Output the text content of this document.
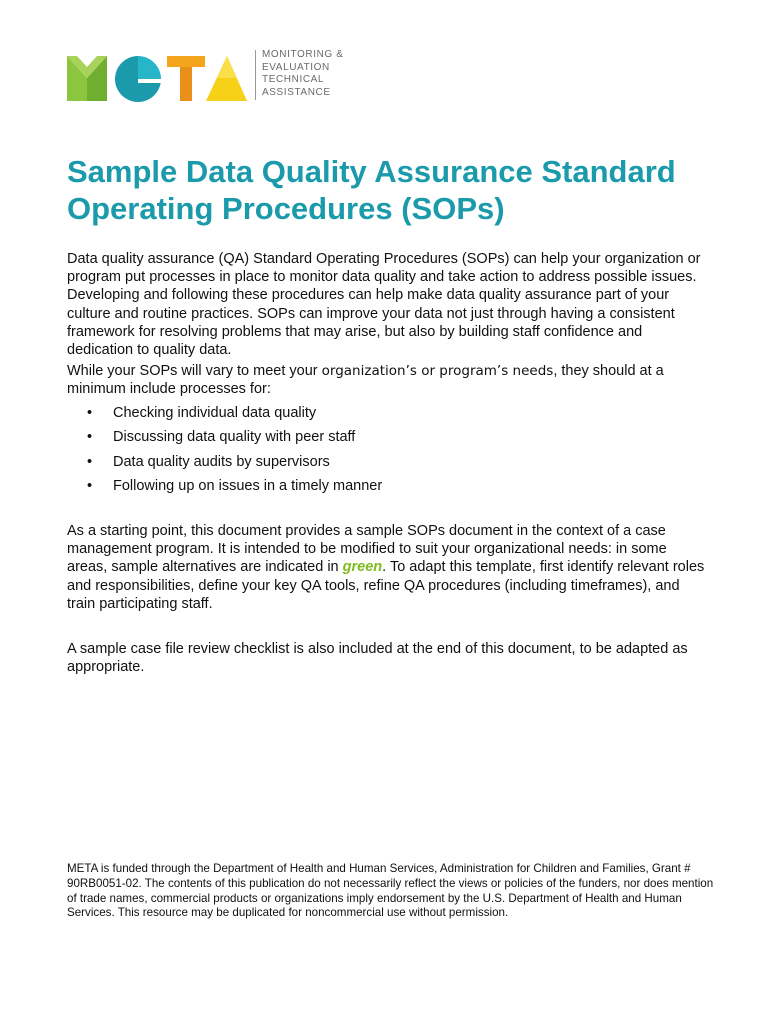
MONITORING &
EVALUATION
TECHNICAL
ASSISTANCE
Sample Data Quality Assurance Standard Operating Procedures (SOPs)
Data quality assurance (QA) Standard Operating Procedures (SOPs) can help your organization or program put processes in place to monitor data quality and take action to address possible issues. Developing and following these procedures can help make data quality assurance part of your culture and routine practices. SOPs can improve your data not just through having a consistent framework for resolving problems that may arise, but also by building staff confidence and dedication to quality data.
While your SOPs will vary to meet your organization’s or program’s needs, they should at a minimum include processes for:
• Checking individual data quality
• Discussing data quality with peer staff
• Data quality audits by supervisors
• Following up on issues in a timely manner
As a starting point, this document provides a sample SOPs document in the context of a case management program. It is intended to be modified to suit your organizational needs: in some areas, sample alternatives are indicated in green. To adapt this template, first identify relevant roles and responsibilities, define your key QA tools, refine QA procedures (including timeframes), and train participating staff.
A sample case file review checklist is also included at the end of this document, to be adapted as appropriate.
META is funded through the Department of Health and Human Services, Administration for Children and Families, Grant # 90RB0051-02. The contents of this publication do not necessarily reflect the views or policies of the funders, nor does mention of trade names, commercial products or organizations imply endorsement by the U.S. Department of Health and Human Services. This resource may be duplicated for noncommercial use without permission.
